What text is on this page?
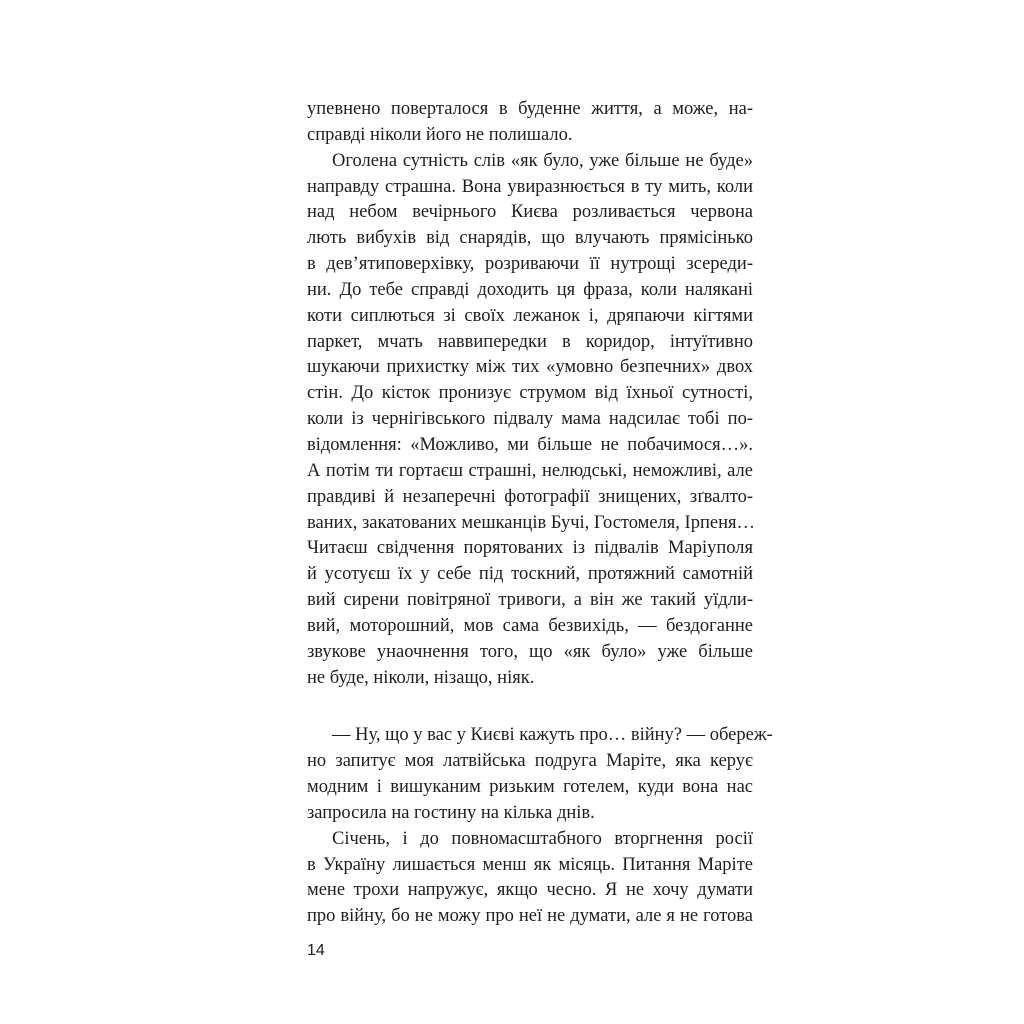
упевнено поверталося в буденне життя, а може, на-
справді ніколи його не полишало.
Оголена сутність слів «як було, уже більше не буде»
направду страшна. Вона увиразнюється в ту мить, коли
над небом вечірнього Києва розливається червона
лють вибухів від снарядів, що влучають прямісінько
в дев’ятиповерхівку, розриваючи її нутрощі зсереди-
ни. До тебе справді доходить ця фраза, коли налякані
коти сиплються зі своїх лежанок і, дряпаючи кігтями
паркет, мчать наввипередки в коридор, інтуїтивно
шукаючи прихистку між тих «умовно безпечних» двох
стін. До кісток пронизує струмом від їхньої сутності,
коли із чернігівського підвалу мама надсилає тобі по-
відомлення: «Можливо, ми більше не побачимося…».
А потім ти гортаєш страшні, нелюдські, неможливі, але
правдиві й незаперечні фотографії знищених, зґвалто-
ваних, закатованих мешканців Бучі, Гостомеля, Ірпеня…
Читаєш свідчення порятованих із підвалів Маріуполя
й усотуєш їх у себе під тоскний, протяжний самотній
вий сирени повітряної тривоги, а він же такий уїдли-
вий, моторошний, мов сама безвихідь, — бездоганне
звукове унаочнення того, що «як було» уже більше
не буде, ніколи, нізащо, ніяк.
— Ну, що у вас у Києві кажуть про… війну? — обереж-
но запитує моя латвійська подруга Маріте, яка керує
модним і вишуканим ризьким готелем, куди вона нас
запросила на гостину на кілька днів.
Січень, і до повномасштабного вторгнення росії
в Україну лишається менш як місяць. Питання Маріте
мене трохи напружує, якщо чесно. Я не хочу думати
про війну, бо не можу про неї не думати, але я не готова
14
